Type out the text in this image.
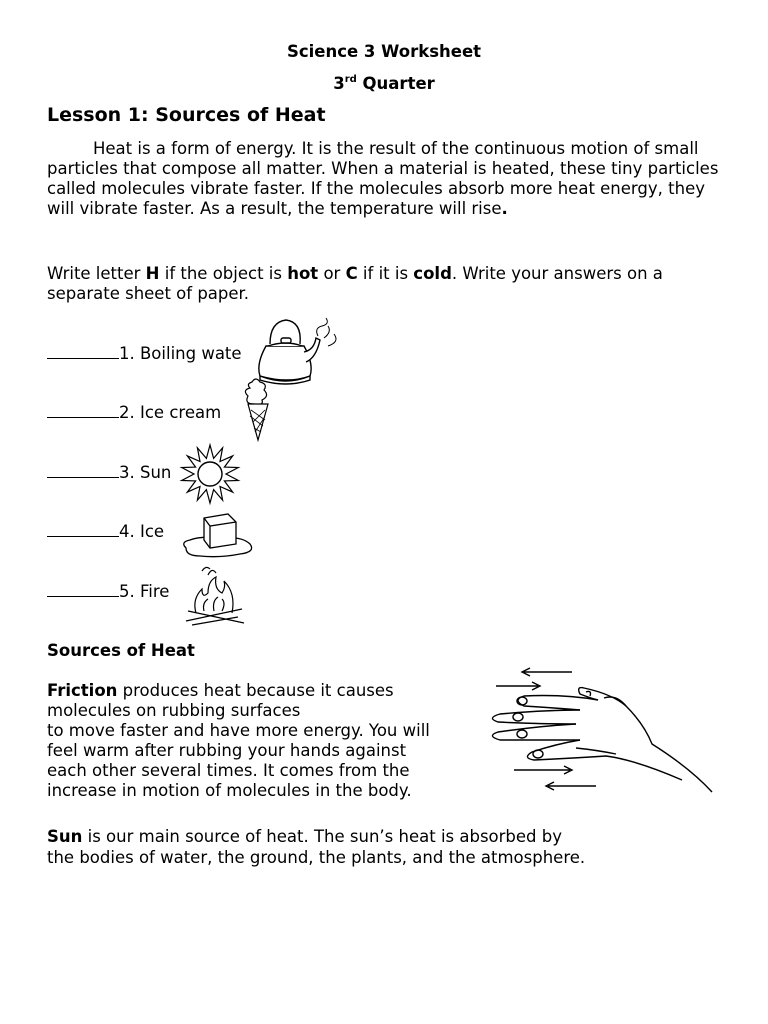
Science 3 Worksheet
3rd Quarter
Lesson 1: Sources of Heat
Heat is a form of energy. It is the result of the continuous motion of small particles that compose all matter. When a material is heated, these tiny particles called molecules vibrate faster. If the molecules absorb more heat energy, they will vibrate faster. As a result, the temperature will rise.
Write letter H if the object is hot or C if it is cold. Write your answers on a separate sheet of paper.
1. Boiling wate
2. Ice cream
3. Sun
4. Ice
5. Fire
Sources of Heat
Friction produces heat because it causes
molecules on rubbing surfaces
to move faster and have more energy. You will
feel warm after rubbing your hands against
each other several times. It comes from the
increase in motion of molecules in the body.
Sun is our main source of heat. The sun’s heat is absorbed by
the bodies of water, the ground, the plants, and the atmosphere.
